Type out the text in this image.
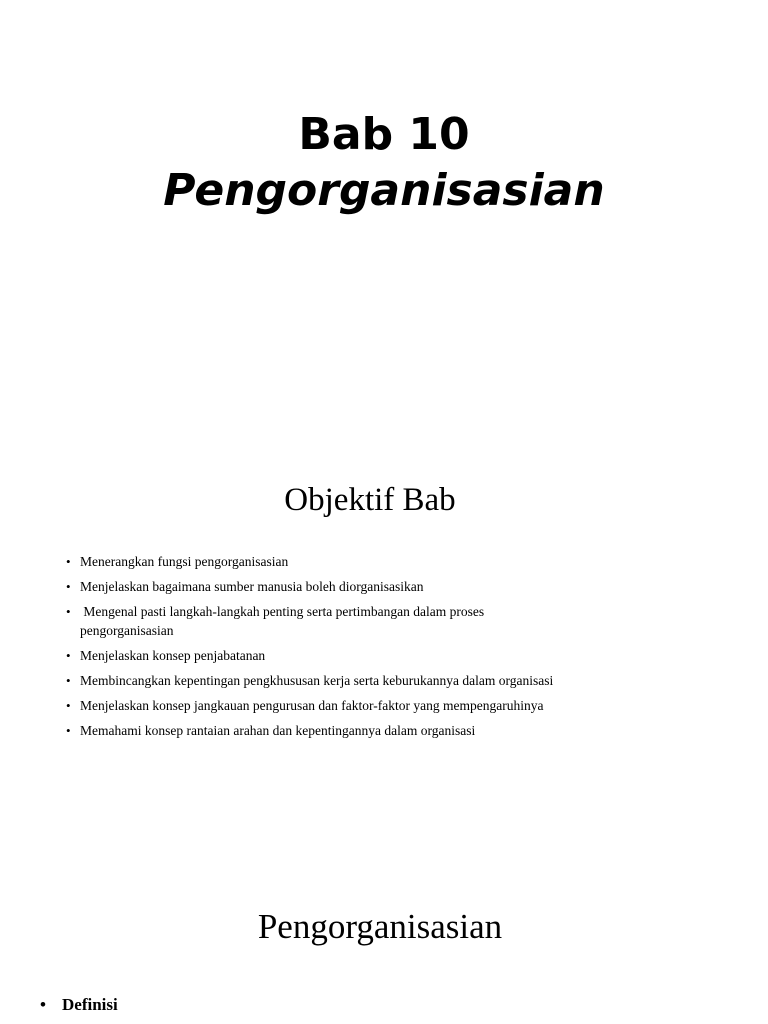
Bab 10
Pengorganisasian
Objektif Bab
• Menerangkan fungsi pengorganisasian
• Menjelaskan bagaimana sumber manusia boleh diorganisasikan
• Mengenal pasti langkah-langkah penting serta pertimbangan dalam proses pengorganisasian
• Menjelaskan konsep penjabatanan
• Membincangkan kepentingan pengkhususan kerja serta keburukannya dalam organisasi
• Menjelaskan konsep jangkauan pengurusan dan faktor-faktor yang mempengaruhinya
• Memahami konsep rantaian arahan dan kepentingannya dalam organisasi
Pengorganisasian
• Definisi
